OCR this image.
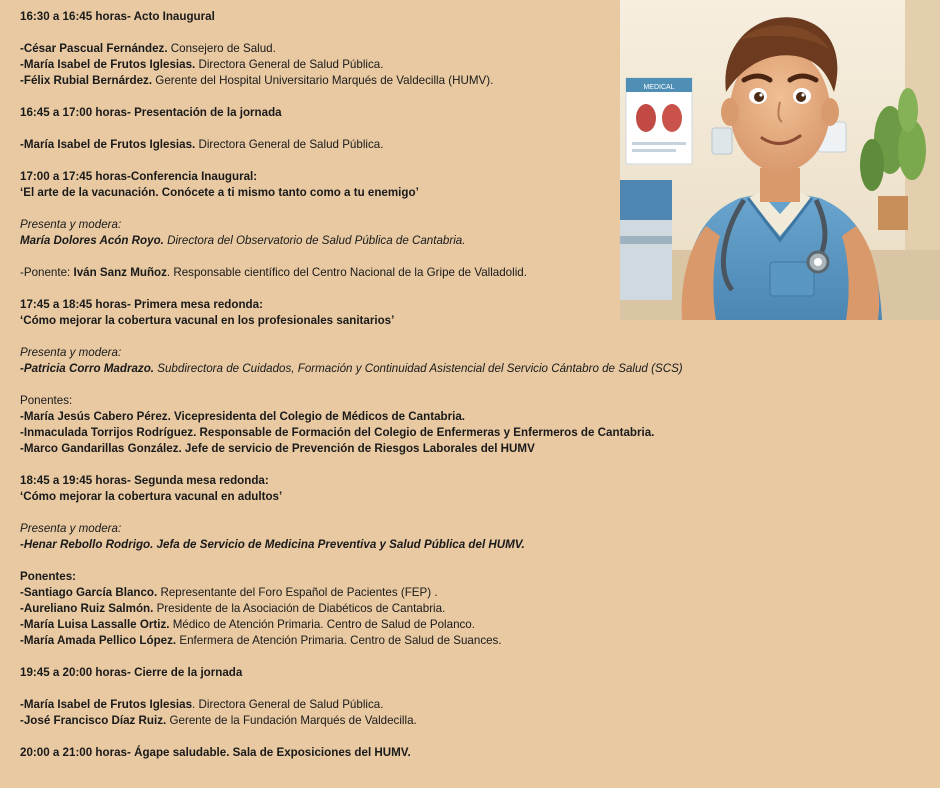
16:30 a 16:45 horas- Acto Inaugural
-César Pascual Fernández. Consejero de Salud.
-María Isabel de Frutos Iglesias. Directora General de Salud Pública.
-Félix Rubial Bernárdez. Gerente del Hospital Universitario Marqués de Valdecilla (HUMV).
16:45 a 17:00 horas- Presentación de la jornada
-María Isabel de Frutos Iglesias. Directora General de Salud Pública.
17:00 a 17:45 horas-Conferencia Inaugural:
‘El arte de la vacunación. Conócete a ti mismo tanto como a tu enemigo’
Presenta y modera:
María Dolores Acón Royo. Directora del Observatorio de Salud Pública de Cantabria.
-Ponente: Iván Sanz Muñoz. Responsable científico del Centro Nacional de la Gripe de Valladolid.
17:45 a 18:45 horas- Primera mesa redonda:
‘Cómo mejorar la cobertura vacunal en los profesionales sanitarios’
Presenta y modera:
-Patricia Corro Madrazo. Subdirectora de Cuidados, Formación y Continuidad Asistencial del Servicio Cántabro de Salud (SCS)
Ponentes:
-María Jesús Cabero Pérez. Vicepresidenta del Colegio de Médicos de Cantabria.
-Inmaculada Torrijos Rodríguez. Responsable de Formación del Colegio de Enfermeras y Enfermeros de Cantabria.
-Marco Gandarillas González. Jefe de servicio de Prevención de Riesgos Laborales del HUMV
18:45 a 19:45 horas- Segunda mesa redonda:
‘Cómo mejorar la cobertura vacunal en adultos’
Presenta y modera:
-Henar Rebollo Rodrigo. Jefa de Servicio de Medicina Preventiva y Salud Pública del HUMV.
Ponentes:
-Santiago García Blanco. Representante del Foro Español de Pacientes (FEP) .
-Aureliano Ruiz Salmón. Presidente de la Asociación de Diabéticos de Cantabria.
-María Luisa Lassalle Ortiz. Médico de Atención Primaria. Centro de Salud de Polanco.
-María Amada Pellico López. Enfermera de Atención Primaria. Centro de Salud de Suances.
19:45 a 20:00 horas- Cierre de la jornada
-María Isabel de Frutos Iglesias. Directora General de Salud Pública.
-José Francisco Díaz Ruiz. Gerente de la Fundación Marqués de Valdecilla.
20:00 a 21:00 horas- Ágape saludable. Sala de Exposiciones del HUMV.
MEDICAL
